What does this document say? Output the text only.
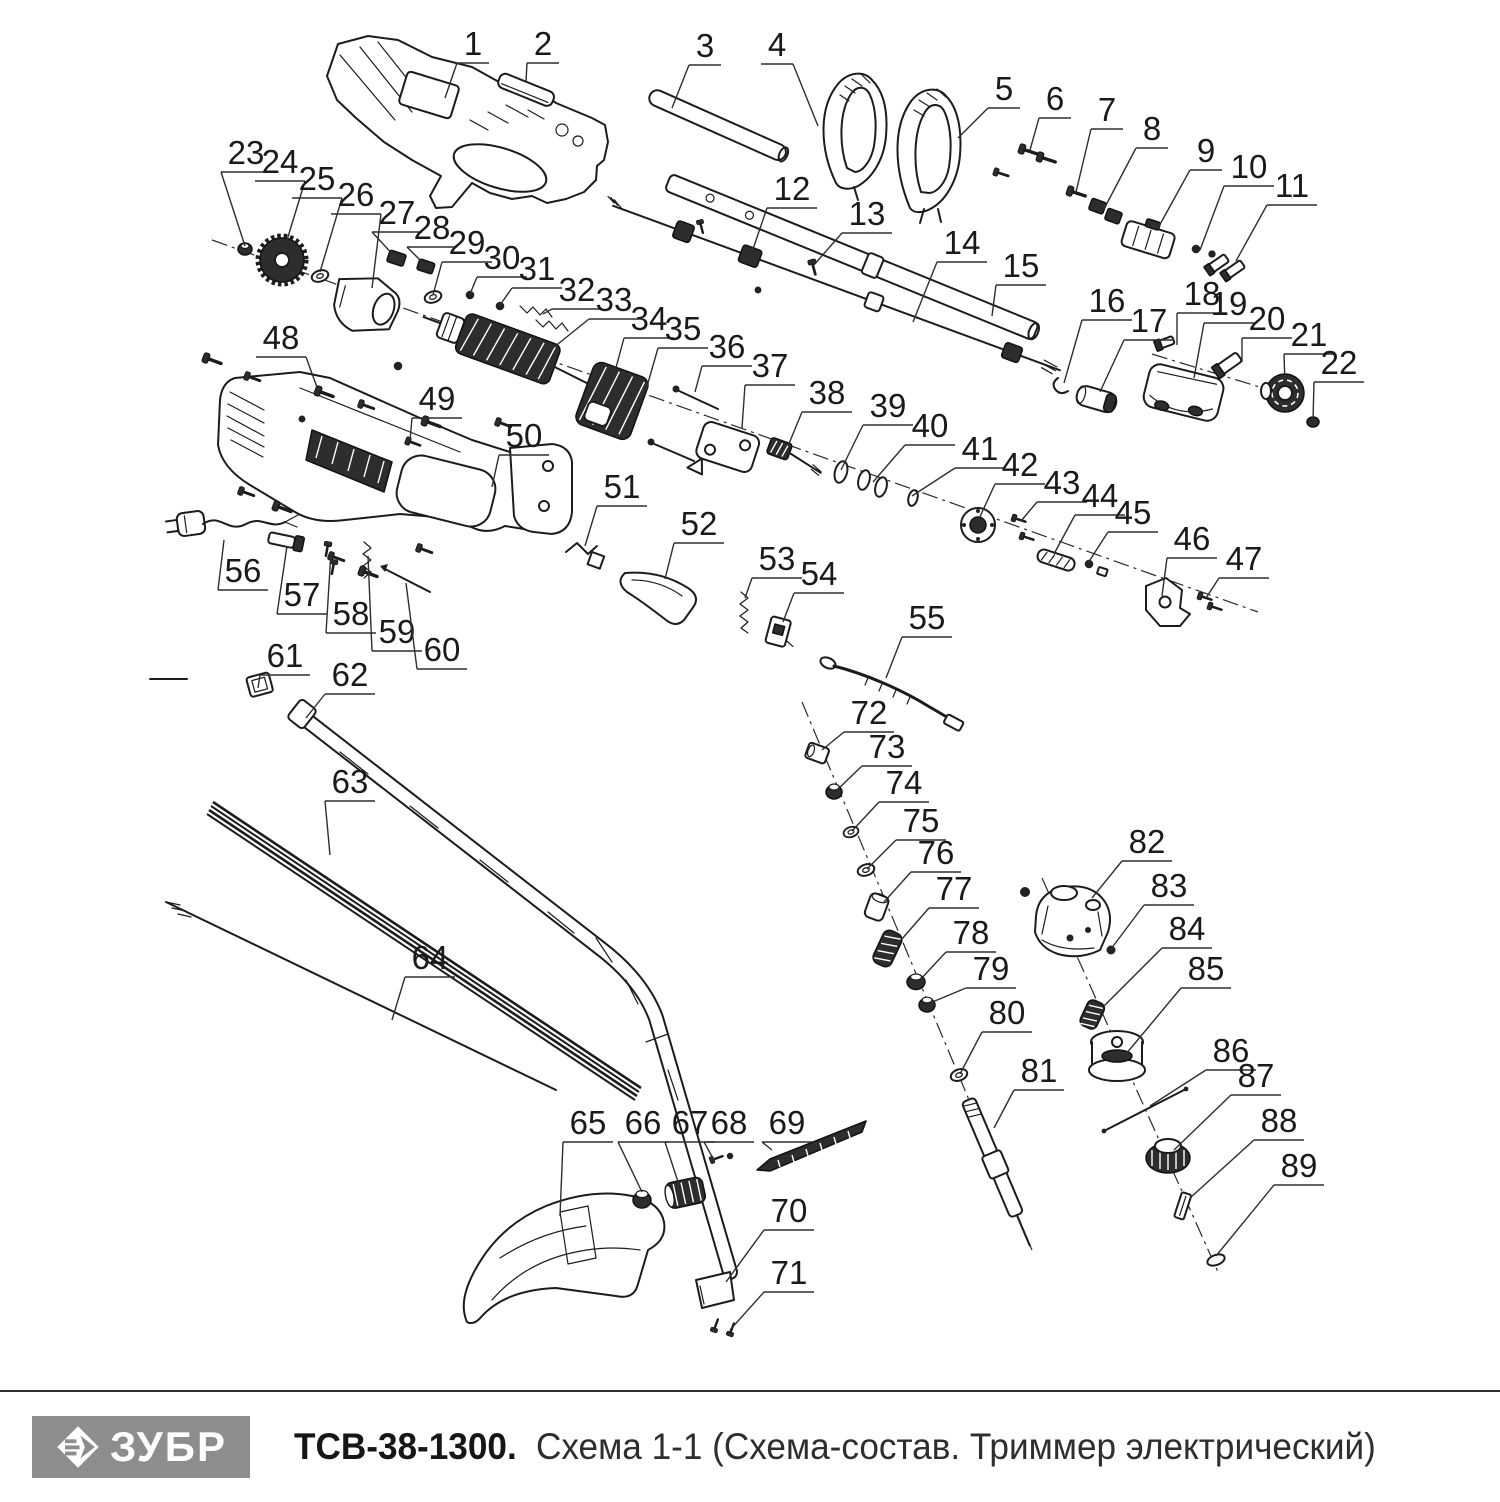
1 2	3 4
5 6 7
8
9 10
11
12
13
14
15
16
17
18
19 20 21
22
23
24 25 26 27
28
29
30
31
32 33
34
35 36
37
38 39
40
41 42 43 44
45
46
47
48
49
50
51
52
53 54
55
56
57
58 59 60
61
62
63
64
65 66 67 68 69
70
71
72
73
74
75
76
77
78
79
80
81
82
83
84
85
86
87
88
89
ЗУБР ТСВ-38-1300. Схема 1-1 (Схема-состав. Триммер электрический)
